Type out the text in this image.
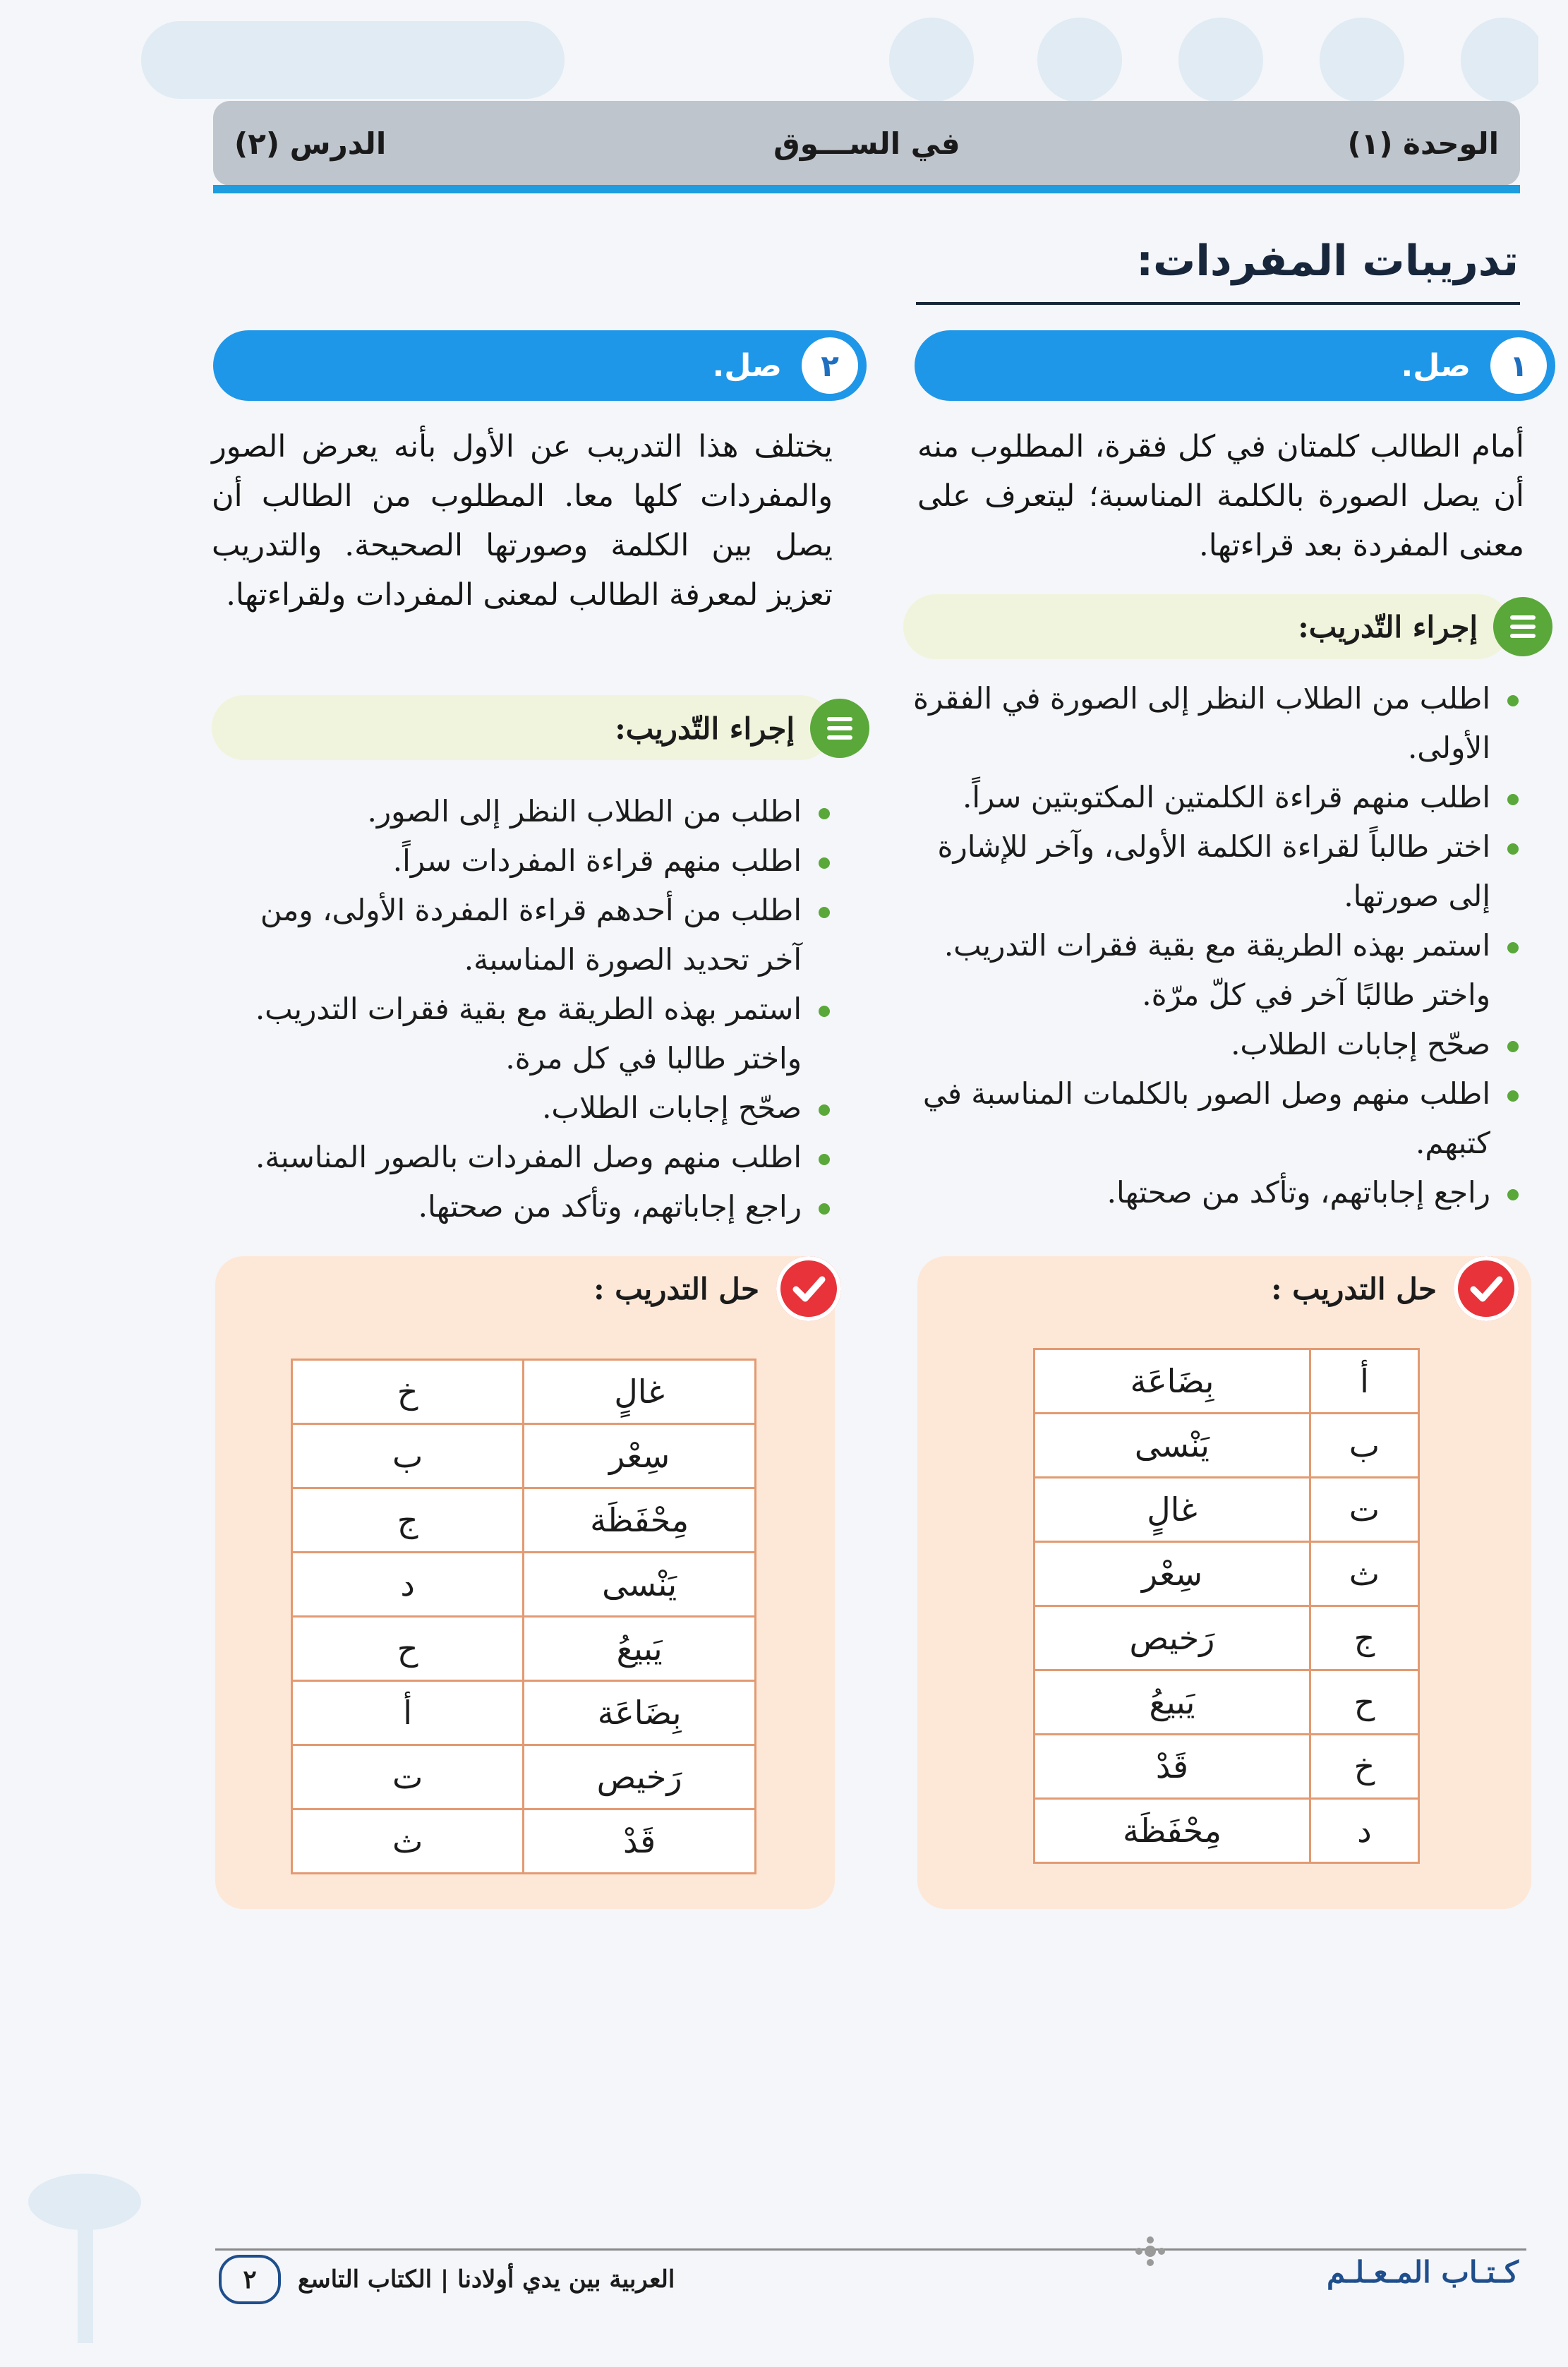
الوحدة (١)
في الســـوق
الدرس (٢)
تدريبات المفردات:
١
صل.
أمام الطالب كلمتان في كل فقرة، المطلوب منه أن يصل الصورة بالكلمة المناسبة؛ ليتعرف على معنى المفردة بعد قراءتها.
إجراء التّدريب:
اطلب من الطلاب النظر إلى الصورة في الفقرة الأولى.
اطلب منهم قراءة الكلمتين المكتوبتين سراً.
اختر طالباً لقراءة الكلمة الأولى، وآخر للإشارة إلى صورتها.
استمر بهذه الطريقة مع بقية فقرات التدريب. واختر طالبًا آخر في كلّ مرّة.
صحّح إجابات الطلاب.
اطلب منهم وصل الصور بالكلمات المناسبة في كتبهم.
راجع إجاباتهم، وتأكد من صحتها.
حل التدريب :
أ	بِضَاعَة
ب	يَنْسى
ت	غالٍ
ث	سِعْر
ج	رَخيص
ح	يَبيعُ
خ	قَدْ
د	مِحْفَظَة
٢
صل.
يختلف هذا التدريب عن الأول بأنه يعرض الصور والمفردات كلها معا. المطلوب من الطالب أن يصل بين الكلمة وصورتها الصحيحة. والتدريب تعزيز لمعرفة الطالب لمعنى المفردات ولقراءتها.
إجراء التّدريب:
اطلب من الطلاب النظر إلى الصور.
اطلب منهم قراءة المفردات سراً.
اطلب من أحدهم قراءة المفردة الأولى، ومن آخر تحديد الصورة المناسبة.
استمر بهذه الطريقة مع بقية فقرات التدريب. واختر طالبا في كل مرة.
صحّح إجابات الطلاب.
اطلب منهم وصل المفردات بالصور المناسبة.
راجع إجاباتهم، وتأكد من صحتها.
حل التدريب :
غالٍ	خ
سِعْر	ب
مِحْفَظَة	ج
يَنْسى	د
يَبيعُ	ح
بِضَاعَة	أ
رَخيص	ت
قَدْ	ث
كـتـاب المـعـلـم
العربية بين يدي أولادنا | الكتاب التاسع
٢
